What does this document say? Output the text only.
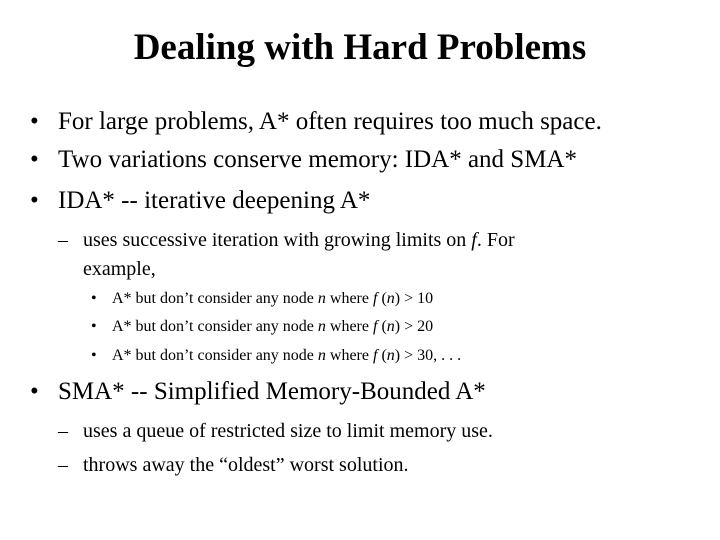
Dealing with Hard Problems
• For large problems, A* often requires too much space.
• Two variations conserve memory: IDA* and SMA*
• IDA* -- iterative deepening A*
– uses successive iteration with growing limits on f. For
example,
• A* but don’t consider any node n where f (n) > 10
• A* but don’t consider any node n where f (n) > 20
• A* but don’t consider any node n where f (n) > 30, . . .
• SMA* -- Simplified Memory-Bounded A*
– uses a queue of restricted size to limit memory use.
– throws away the “oldest” worst solution.
